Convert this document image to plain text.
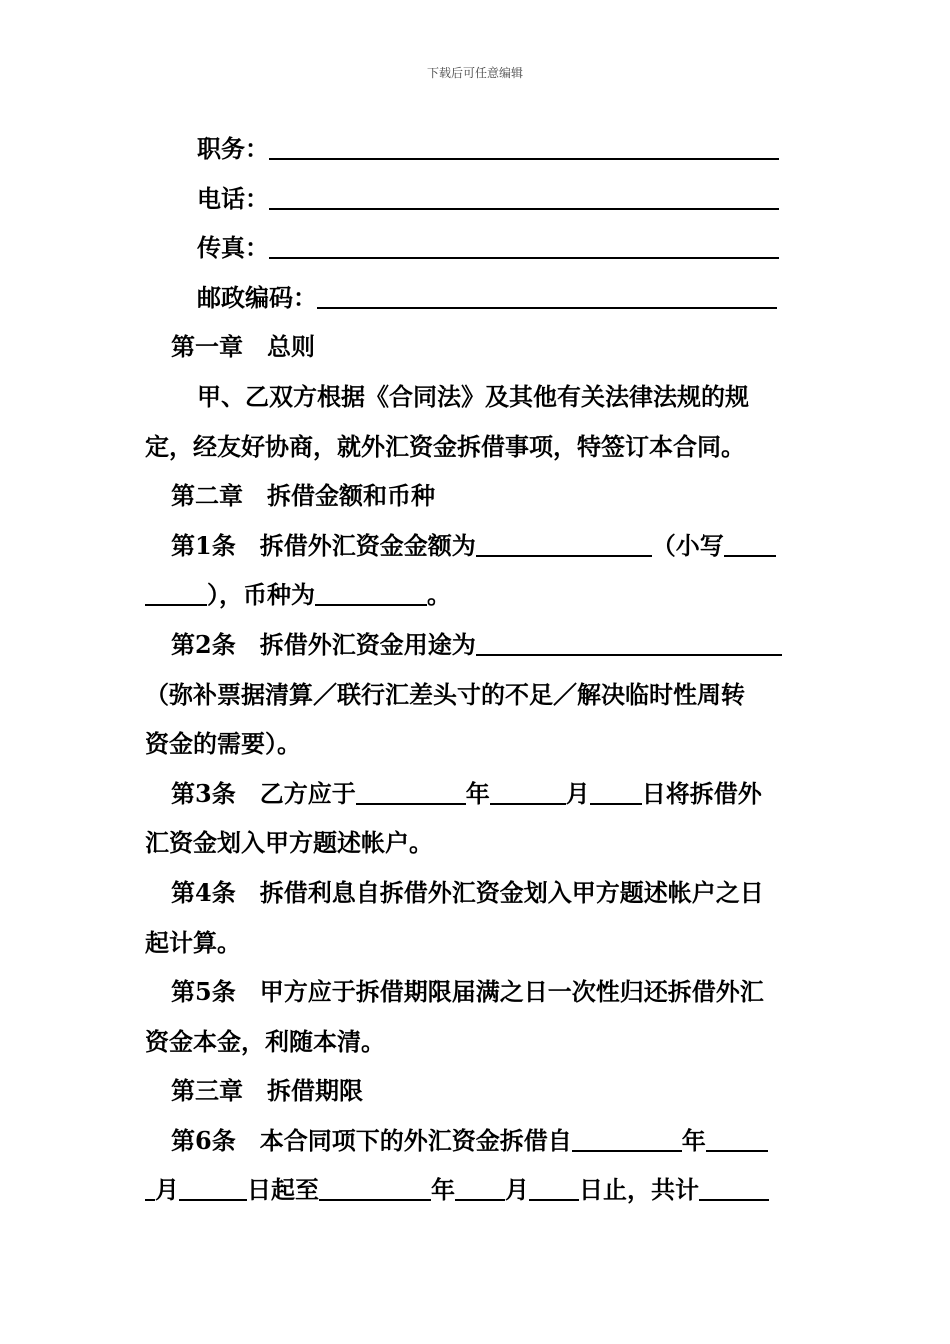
下载后可任意编辑
职务：
电话：
传真：
邮政编码：
第一章　总则
甲、乙双方根据《合同法》及其他有关法律法规的规
定，经友好协商，就外汇资金拆借事项，特签订本合同。
第二章　拆借金额和币种
第1条　拆借外汇资金金额为	（小写
），币种为	。
第2条　拆借外汇资金用途为
（弥补票据清算／联行汇差头寸的不足／解决临时性周转
资金的需要）。
第3条　乙方应于	年	月 日将拆借外
汇资金划入甲方题述帐户。
第4条　拆借利息自拆借外汇资金划入甲方题述帐户之日
起计算。
第5条　甲方应于拆借期限届满之日一次性归还拆借外汇
资金本金，利随本清。
第三章　拆借期限
第6条　本合同项下的外汇资金拆借自	年
月	日起至	年 月 日止，共计
